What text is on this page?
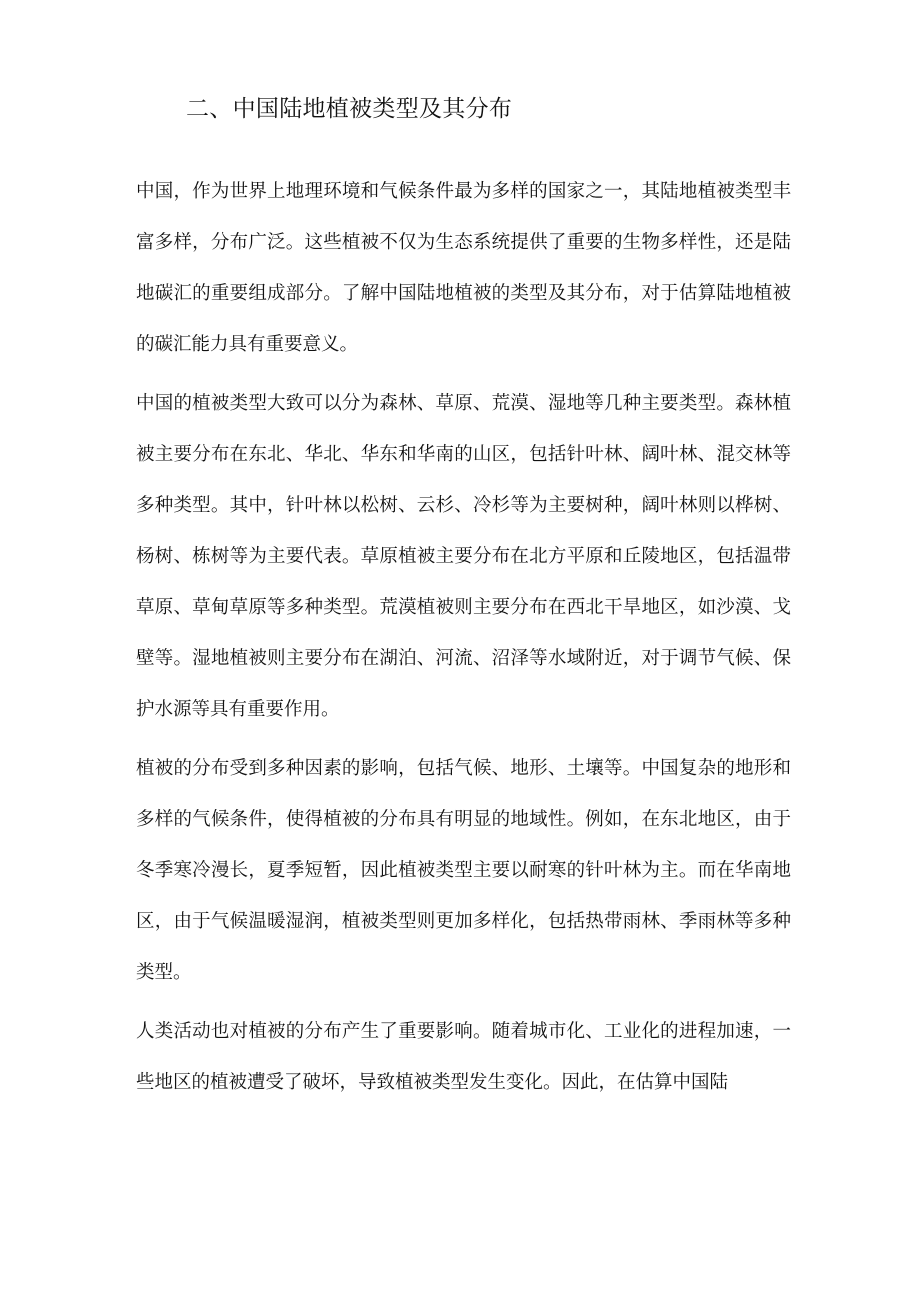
二、中国陆地植被类型及其分布

中国，作为世界上地理环境和气候条件最为多样的国家之一，其陆地植被类型丰富多样，分布广泛。这些植被不仅为生态系统提供了重要的生物多样性，还是陆地碳汇的重要组成部分。了解中国陆地植被的类型及其分布，对于估算陆地植被的碳汇能力具有重要意义。

中国的植被类型大致可以分为森林、草原、荒漠、湿地等几种主要类型。森林植被主要分布在东北、华北、华东和华南的山区，包括针叶林、阔叶林、混交林等多种类型。其中，针叶林以松树、云杉、冷杉等为主要树种，阔叶林则以桦树、杨树、栋树等为主要代表。草原植被主要分布在北方平原和丘陵地区，包括温带草原、草甸草原等多种类型。荒漠植被则主要分布在西北干旱地区，如沙漠、戈壁等。湿地植被则主要分布在湖泊、河流、沼泽等水域附近，对于调节气候、保护水源等具有重要作用。

植被的分布受到多种因素的影响，包括气候、地形、土壤等。中国复杂的地形和多样的气候条件，使得植被的分布具有明显的地域性。例如，在东北地区，由于冬季寒冷漫长，夏季短暂，因此植被类型主要以耐寒的针叶林为主。而在华南地区，由于气候温暖湿润，植被类型则更加多样化，包括热带雨林、季雨林等多种类型。

人类活动也对植被的分布产生了重要影响。随着城市化、工业化的进程加速，一些地区的植被遭受了破坏，导致植被类型发生变化。因此，在估算中国陆
